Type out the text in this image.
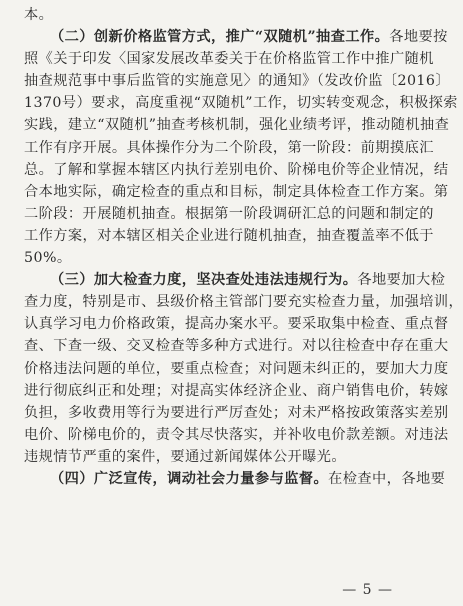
本。
（二）创新价格监管方式，推广“双随机”抽查工作。各地要按
照《关于印发〈国家发展改革委关于在价格监管工作中推广随机
抽查规范事中事后监管的实施意见〉的通知》（发改价监〔2016〕
1370号）要求，高度重视“双随机”工作，切实转变观念，积极探索
实践，建立“双随机”抽查考核机制，强化业绩考评，推动随机抽查
工作有序开展。具体操作分为二个阶段，第一阶段：前期摸底汇
总。了解和掌握本辖区内执行差别电价、阶梯电价等企业情况，结
合本地实际，确定检查的重点和目标，制定具体检查工作方案。第
二阶段：开展随机抽查。根据第一阶段调研汇总的问题和制定的
工作方案，对本辖区相关企业进行随机抽查，抽查覆盖率不低于
50%。
（三）加大检查力度，坚决查处违法违规行为。各地要加大检
查力度，特别是市、县级价格主管部门要充实检查力量，加强培训，
认真学习电力价格政策，提高办案水平。要采取集中检查、重点督
查、下查一级、交叉检查等多种方式进行。对以往检查中存在重大
价格违法问题的单位，要重点检查；对问题未纠正的，要加大力度
进行彻底纠正和处理；对提高实体经济企业、商户销售电价，转嫁
负担，多收费用等行为要进行严厉查处；对未严格按政策落实差别
电价、阶梯电价的，责令其尽快落实，并补收电价款差额。对违法
违规情节严重的案件，要通过新闻媒体公开曝光。
（四）广泛宣传，调动社会力量参与监督。在检查中，各地要
— 5 —
